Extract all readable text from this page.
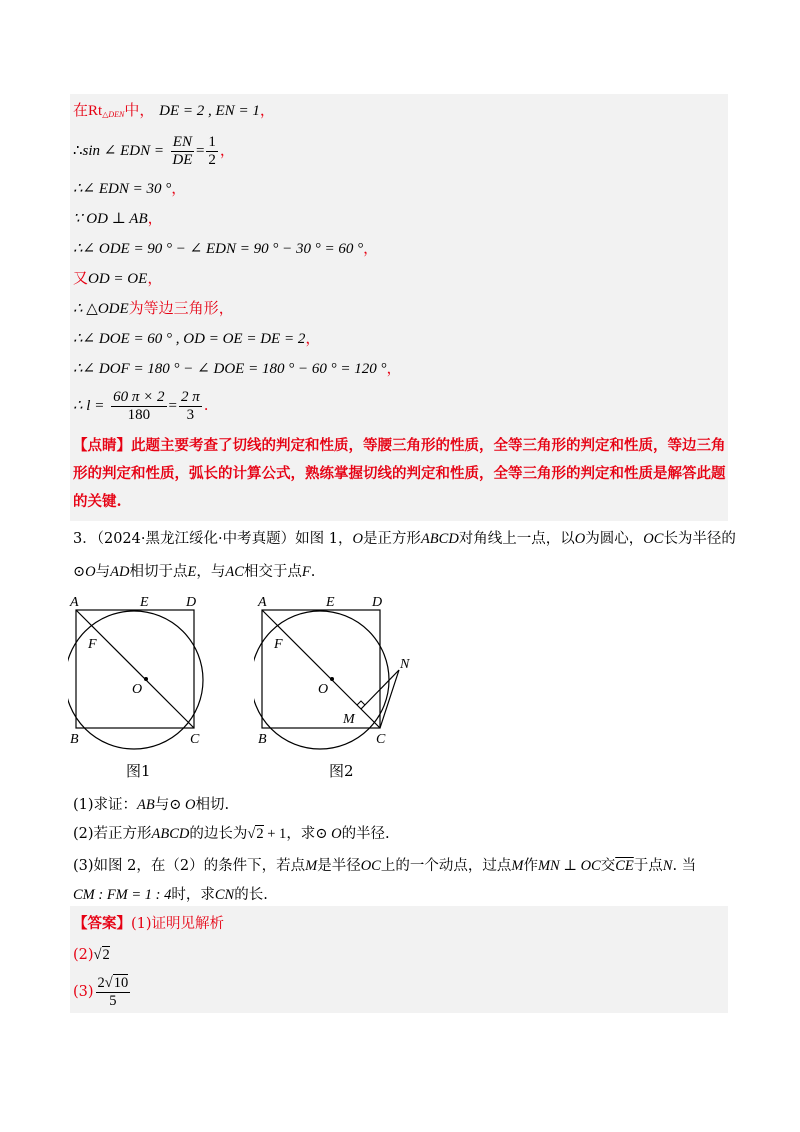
在$Rt_{\triangle DEN}$中， DE = 2 , EN = 1，
∴sin ∠ EDN = $\frac{EN}{DE} = \frac{1}{2}$ ，
∴∠ EDN = 30 °，
∵ OD ⊥ AB，
∴∠ ODE = 90 ° − ∠ EDN = 90 ° − 30 ° = 60 °，
又OD = OE，
∴ △ODE为等边三角形，
∴∠ DOE = 60 ° , OD = OE = DE = 2，
∴∠ DOF = 180 ° − ∠ DOE = 180 ° − 60 ° = 120 °，
∴ $l = \frac{60 \pi \times 2}{180} = \frac{2 \pi}{3}$ .
【点睛】此题主要考查了切线的判定和性质，等腰三角形的性质，全等三角形的判定和性质，等边三角形的判定和性质，弧长的计算公式，熟练掌握切线的判定和性质，全等三角形的判定和性质是解答此题的关键.
3．（2024·黑龙江绥化·中考真题）如图 1，O是正方形ABCD对角线上一点，以O为圆心，OC长为半径的
⊙O与AD相切于点E，与AC相交于点F.
A	E	D
F
O
B	C
图1
A	E	D
F
O
M
N
B	C
图2
(1)求证：AB与⊙ O相切.
(2)若正方形ABCD的边长为√2 + 1，求⊙ O的半径.
(3)如图 2，在（2）的条件下，若点M是半径OC上的一个动点，过点M作MN ⊥ OC交$\overline{CE}$于点N. 当
CM : FM = 1 : 4时，求CN的长.
【答案】(1)证明见解析
(2)√2
$(3) \frac{2√10}{5}$
